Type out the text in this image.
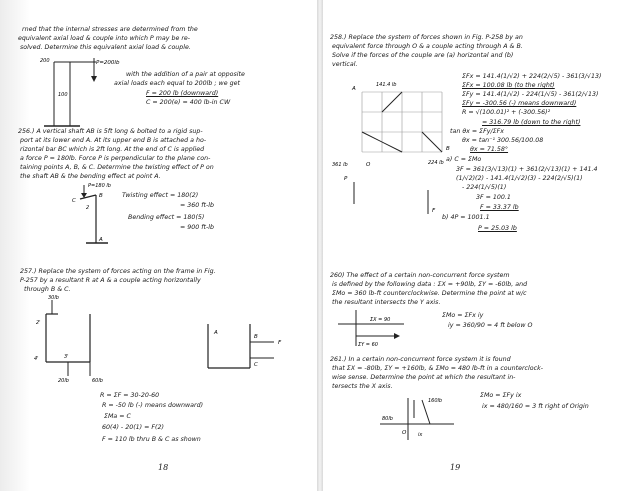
rned that the internal stresses are determined from the
equivalent axial load & couple into which P may be re-
solved. Determine this equivalent axial load & couple.
P=200lb
200
100
with the addition of a pair at opposite
axial loads each equal to 200lb ; we get
F = 200 lb (downward)
C = 200(e) = 400 lb-in CW
256.) A vertical shaft AB is 5ft long & bolted to a rigid sup-
port at its lower end A. At its upper end B is attached a ho-
rizontal bar BC which is 2ft long. At the end of C is applied
a force P = 180lb. Force P is perpendicular to the plane con-
taining points A, B, & C. Determine the twisting effect of P on
the shaft AB & the bending effect at point A.
P=180 lb
C
B
A
2
Twisting effect = 180(2)
= 360 ft-lb
Bending effect = 180(5)
= 900 ft-lb
257.) Replace the system of forces acting on the frame in Fig.
P-257 by a resultant R at A & a couple acting horizontally
through B & C.
30lb
20lb	60lb
2'
3'
4'
A
B
C
F
R = ΣF = 30-20-60
R = -50 lb (-) means downward)
ΣMa = C
60(4) - 20(1) = F(2)
F = 110 lb thru B & C as shown
18
258.) Replace the system of forces shown in Fig. P-258 by an
equivalent force through O & a couple acting through A & B.
Solve if the forces of the couple are (a) horizontal and (b)
vertical.
141.4 lb
361 lb	224 lb
A
B
O
P
F
ΣFx = 141.4(1/√2) + 224(2/√5) - 361(3/√13)
ΣFx = 100.08 lb (to the right)
ΣFy = 141.4(1/√2) - 224(1/√5) - 361(2/√13)
ΣFy = -300.56 (-) means downward)
R = √(100.01)² + (-300.56)²
= 316.79 lb (down to the right)
tan θx = ΣFy/ΣFx
θx = tan⁻¹ 300.56/100.08
θx = 71.58°
a) C = ΣMo
3F = 361(3/√13)(1) + 361(2/√13)(1) + 141.4
(1/√2)(2) - 141.4(1/√2)(3) - 224(2/√5)(1)
- 224(1/√5)(1)
3F = 100.1
F = 33.37 lb
b) 4P = 1001.1
P = 25.03 lb
260) The effect of a certain non-concurrent force system
is defined by the following data : ΣX = +90lb, ΣY = -60lb, and
ΣMo = 360 lb-ft counterclockwise. Determine the point at w/c
the resultant intersects the Y axis.
ΣX = 90
ΣY = 60
ΣMo = ΣFx iy
iy = 360/90 = 4 ft below O
261.) In a certain non-concurrent force system it is found
that ΣX = -80lb, ΣY = +160lb, & ΣMo = 480 lb-ft in a counterclock-
wise sense. Determine the point at which the resultant in-
tersects the X axis.
160lb
80lb
O ix
ΣMo = ΣFy ix
ix = 480/160 = 3 ft right of Origin
19
